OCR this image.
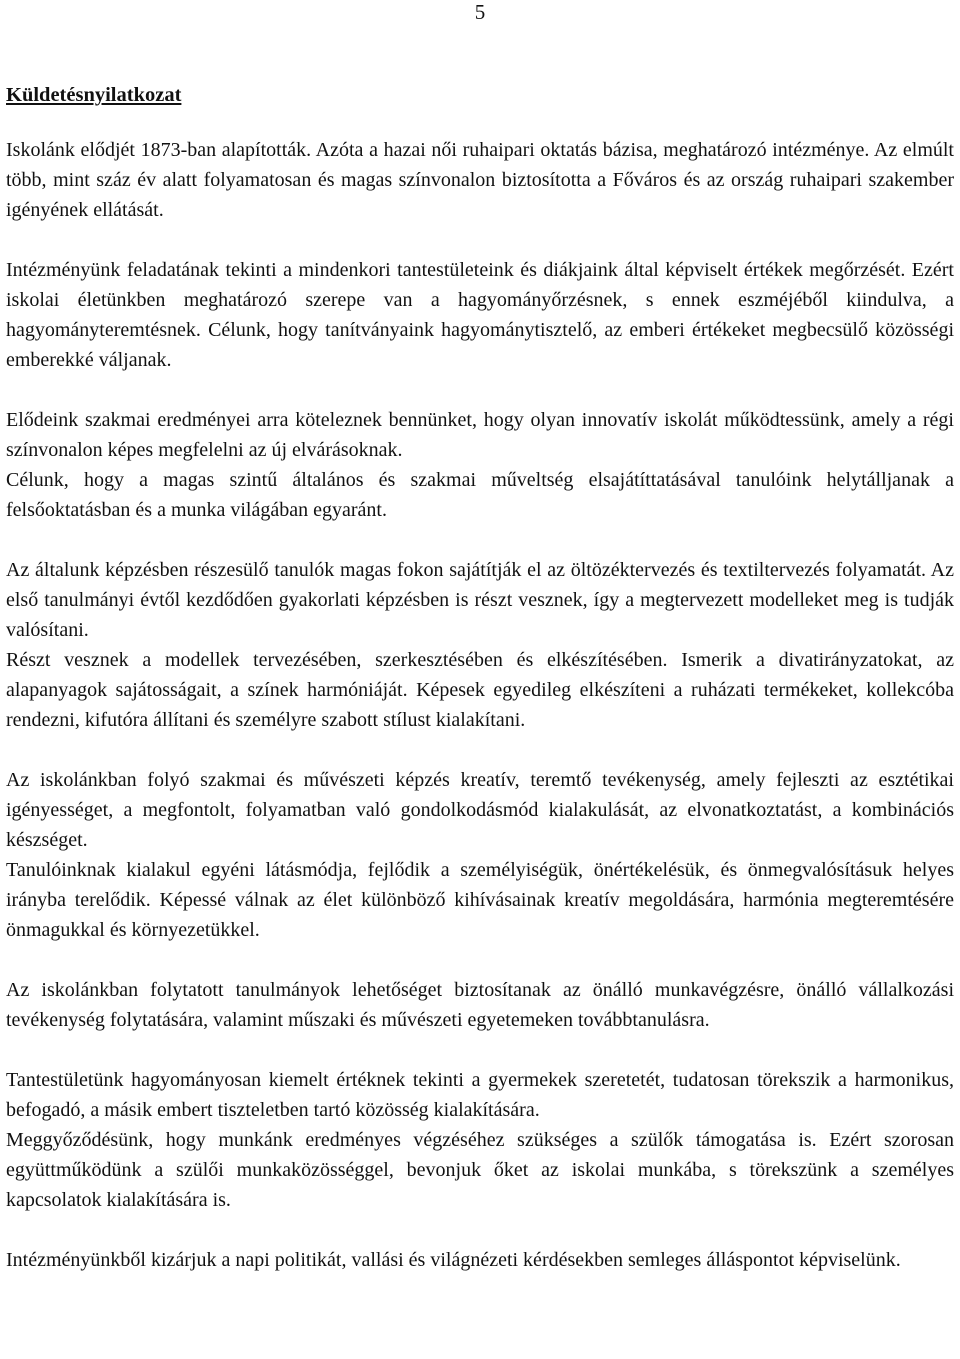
5
Küldetésnyilatkozat

Iskolánk elődjét 1873-ban alapították. Azóta a hazai női ruhaipari oktatás bázisa, meghatározó intézménye. Az elmúlt több, mint száz év alatt folyamatosan és magas színvonalon biztosította a Főváros és az ország ruhaipari szakember igényének ellátását.

Intézményünk feladatának tekinti a mindenkori tantestületeink és diákjaink által képviselt értékek megőrzését. Ezért iskolai életünkben meghatározó szerepe van a hagyományőrzésnek, s ennek eszméjéből kiindulva, a hagyományteremtésnek. Célunk, hogy tanítványaink hagyománytisztelő, az emberi értékeket megbecsülő közösségi emberekké váljanak.

Elődeink szakmai eredményei arra köteleznek bennünket, hogy olyan innovatív iskolát működtessünk, amely a régi színvonalon képes megfelelni az új elvárásoknak.

Célunk, hogy a magas szintű általános és szakmai műveltség elsajátíttatásával tanulóink helytálljanak a felsőoktatásban és a munka világában egyaránt.

Az általunk képzésben részesülő tanulók magas fokon sajátítják el az öltözéktervezés és textiltervezés folyamatát. Az első tanulmányi évtől kezdődően gyakorlati képzésben is részt vesznek, így a megtervezett modelleket meg is tudják valósítani.

Részt vesznek a modellek tervezésében, szerkesztésében és elkészítésében. Ismerik a divatirányzatokat, az alapanyagok sajátosságait, a színek harmóniáját. Képesek egyedileg elkészíteni a ruházati termékeket, kollekcóba rendezni, kifutóra állítani és személyre szabott stílust kialakítani.

Az iskolánkban folyó szakmai és művészeti képzés kreatív, teremtő tevékenység, amely fejleszti az esztétikai igényességet, a megfontolt, folyamatban való gondolkodásmód kialakulását, az elvonatkoztatást, a kombinációs készséget.

Tanulóinknak kialakul egyéni látásmódja, fejlődik a személyiségük, önértékelésük, és önmegvalósításuk helyes irányba terelődik. Képessé válnak az élet különböző kihívásainak kreatív megoldására, harmónia megteremtésére önmagukkal és környezetükkel.

Az iskolánkban folytatott tanulmányok lehetőséget biztosítanak az önálló munkavégzésre, önálló vállalkozási tevékenység folytatására, valamint műszaki és művészeti egyetemeken továbbtanulásra.

Tantestületünk hagyományosan kiemelt értéknek tekinti a gyermekek szeretetét, tudatosan törekszik a harmonikus, befogadó, a másik embert tiszteletben tartó közösség kialakítására.

Meggyőződésünk, hogy munkánk eredményes végzéséhez szükséges a szülők támogatása is. Ezért szorosan együttműködünk a szülői munkaközösséggel, bevonjuk őket az iskolai munkába, s törekszünk a személyes kapcsolatok kialakítására is.

Intézményünkből kizárjuk a napi politikát, vallási és világnézeti kérdésekben semleges álláspontot képviselünk.
